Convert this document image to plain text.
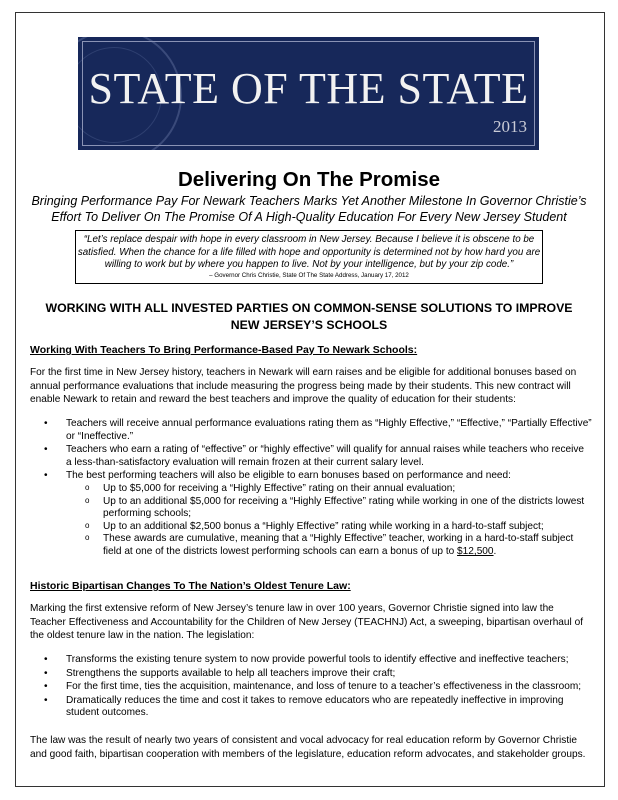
STATE OF THE STATE
2013
Delivering On The Promise
Bringing Performance Pay For Newark Teachers Marks Yet Another Milestone In Governor Christie’s Effort To Deliver On The Promise Of A High-Quality Education For Every New Jersey Student
“Let’s replace despair with hope in every classroom in New Jersey. Because I believe it is obscene to be satisfied. When the chance for a life filled with hope and opportunity is determined not by how hard you are willing to work but by where you happen to live. Not by your intelligence, but by your zip code.”
– Governor Chris Christie, State Of The State Address, January 17, 2012
WORKING WITH ALL INVESTED PARTIES ON COMMON-SENSE SOLUTIONS TO IMPROVE NEW JERSEY’S SCHOOLS
Working With Teachers To Bring Performance-Based Pay To Newark Schools:
For the first time in New Jersey history, teachers in Newark will earn raises and be eligible for additional bonuses based on annual performance evaluations that include measuring the progress being made by their students. This new contract will enable Newark to retain and reward the best teachers and improve the quality of education for their students:
• Teachers will receive annual performance evaluations rating them as “Highly Effective,” “Effective,” “Partially Effective” or “Ineffective.”
• Teachers who earn a rating of “effective” or “highly effective” will qualify for annual raises while teachers who receive a less-than-satisfactory evaluation will remain frozen at their current salary level.
• The best performing teachers will also be eligible to earn bonuses based on performance and need:
o Up to $5,000 for receiving a “Highly Effective” rating on their annual evaluation;
o Up to an additional $5,000 for receiving a “Highly Effective” rating while working in one of the districts lowest performing schools;
o Up to an additional $2,500 bonus a “Highly Effective” rating while working in a hard-to-staff subject;
o These awards are cumulative, meaning that a “Highly Effective” teacher, working in a hard-to-staff subject field at one of the districts lowest performing schools can earn a bonus of up to $12,500.
Historic Bipartisan Changes To The Nation’s Oldest Tenure Law:
Marking the first extensive reform of New Jersey’s tenure law in over 100 years, Governor Christie signed into law the Teacher Effectiveness and Accountability for the Children of New Jersey (TEACHNJ) Act, a sweeping, bipartisan overhaul of the oldest tenure law in the nation. The legislation:
• Transforms the existing tenure system to now provide powerful tools to identify effective and ineffective teachers;
• Strengthens the supports available to help all teachers improve their craft;
• For the first time, ties the acquisition, maintenance, and loss of tenure to a teacher’s effectiveness in the classroom;
• Dramatically reduces the time and cost it takes to remove educators who are repeatedly ineffective in improving student outcomes.
The law was the result of nearly two years of consistent and vocal advocacy for real education reform by Governor Christie and good faith, bipartisan cooperation with members of the legislature, education reform advocates, and stakeholder groups.
